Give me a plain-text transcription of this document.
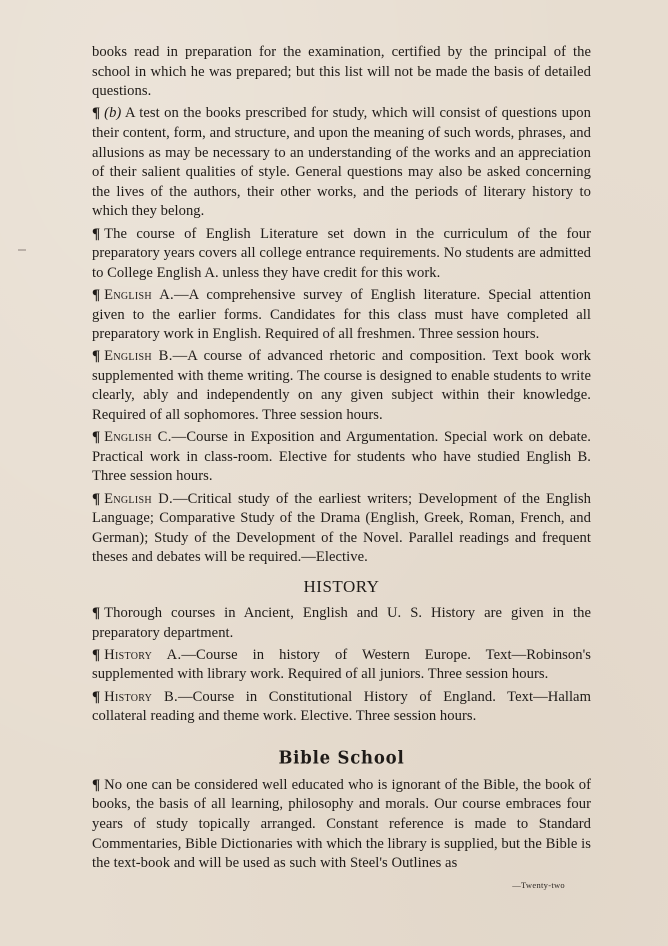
books read in preparation for the examination, certified by the principal of the school in which he was prepared; but this list will not be made the basis of detailed questions.

¶ (b) A test on the books prescribed for study, which will consist of questions upon their content, form, and structure, and upon the meaning of such words, phrases, and allusions as may be necessary to an understanding of the works and an appreciation of their salient qualities of style. General questions may also be asked concerning the lives of the authors, their other works, and the periods of literary history to which they belong.

¶ The course of English Literature set down in the curriculum of the four preparatory years covers all college entrance requirements. No students are admitted to College English A. unless they have credit for this work.

¶ English A.—A comprehensive survey of English literature. Special attention given to the earlier forms. Candidates for this class must have completed all preparatory work in English. Required of all freshmen. Three session hours.

¶ English B.—A course of advanced rhetoric and composition. Text book work supplemented with theme writing. The course is designed to enable students to write clearly, ably and independently on any given subject within their knowledge. Required of all sophomores. Three session hours.

¶ English C.—Course in Exposition and Argumentation. Special work on debate. Practical work in class-room. Elective for students who have studied English B. Three session hours.

¶ English D.—Critical study of the earliest writers; Development of the English Language; Comparative Study of the Drama (English, Greek, Roman, French, and German); Study of the Development of the Novel. Parallel readings and frequent theses and debates will be required.—Elective.

HISTORY

¶ Thorough courses in Ancient, English and U. S. History are given in the preparatory department.

¶ History A.—Course in history of Western Europe. Text—Robinson's supplemented with library work. Required of all juniors. Three session hours.

¶ History B.—Course in Constitutional History of England. Text—Hallam collateral reading and theme work. Elective. Three session hours.

Bible School

¶ No one can be considered well educated who is ignorant of the Bible, the book of books, the basis of all learning, philosophy and morals. Our course embraces four years of study topically arranged. Constant reference is made to Standard Commentaries, Bible Dictionaries with which the library is supplied, but the Bible is the text-book and will be used as such with Steel's Outlines as

—Twenty-two
